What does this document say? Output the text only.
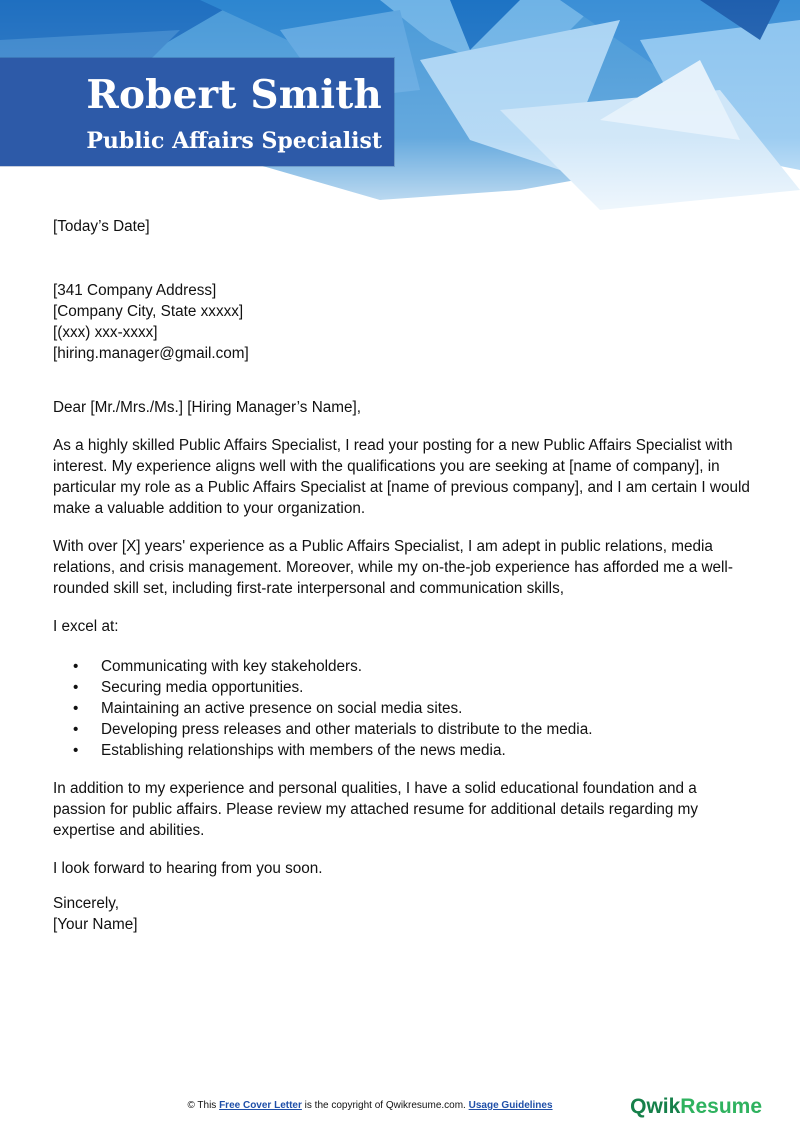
Robert Smith
Public Affairs Specialist

[Today’s Date]

[341 Company Address]

[Company City, State xxxxx]

[(xxx) xxx-xxxx]

[hiring.manager@gmail.com]

Dear [Mr./Mrs./Ms.] [Hiring Manager’s Name],

As a highly skilled Public Affairs Specialist, I read your posting for a new Public Affairs Specialist with interest. My experience aligns well with the qualifications you are seeking at [name of company], in particular my role as a Public Affairs Specialist at [name of previous company], and I am certain I would make a valuable addition to your organization.

With over [X] years' experience as a Public Affairs Specialist, I am adept in public relations, media relations, and crisis management. Moreover, while my on-the-job experience has afforded me a well-rounded skill set, including first-rate interpersonal and communication skills,

I excel at:

• Communicating with key stakeholders.
• Securing media opportunities.
• Maintaining an active presence on social media sites.
• Developing press releases and other materials to distribute to the media.
• Establishing relationships with members of the news media.

In addition to my experience and personal qualities, I have a solid educational foundation and a passion for public affairs. Please review my attached resume for additional details regarding my expertise and abilities.

I look forward to hearing from you soon.

Sincerely,

[Your Name]

© This Free Cover Letter is the copyright of Qwikresume.com. Usage Guidelines	QwikResume
